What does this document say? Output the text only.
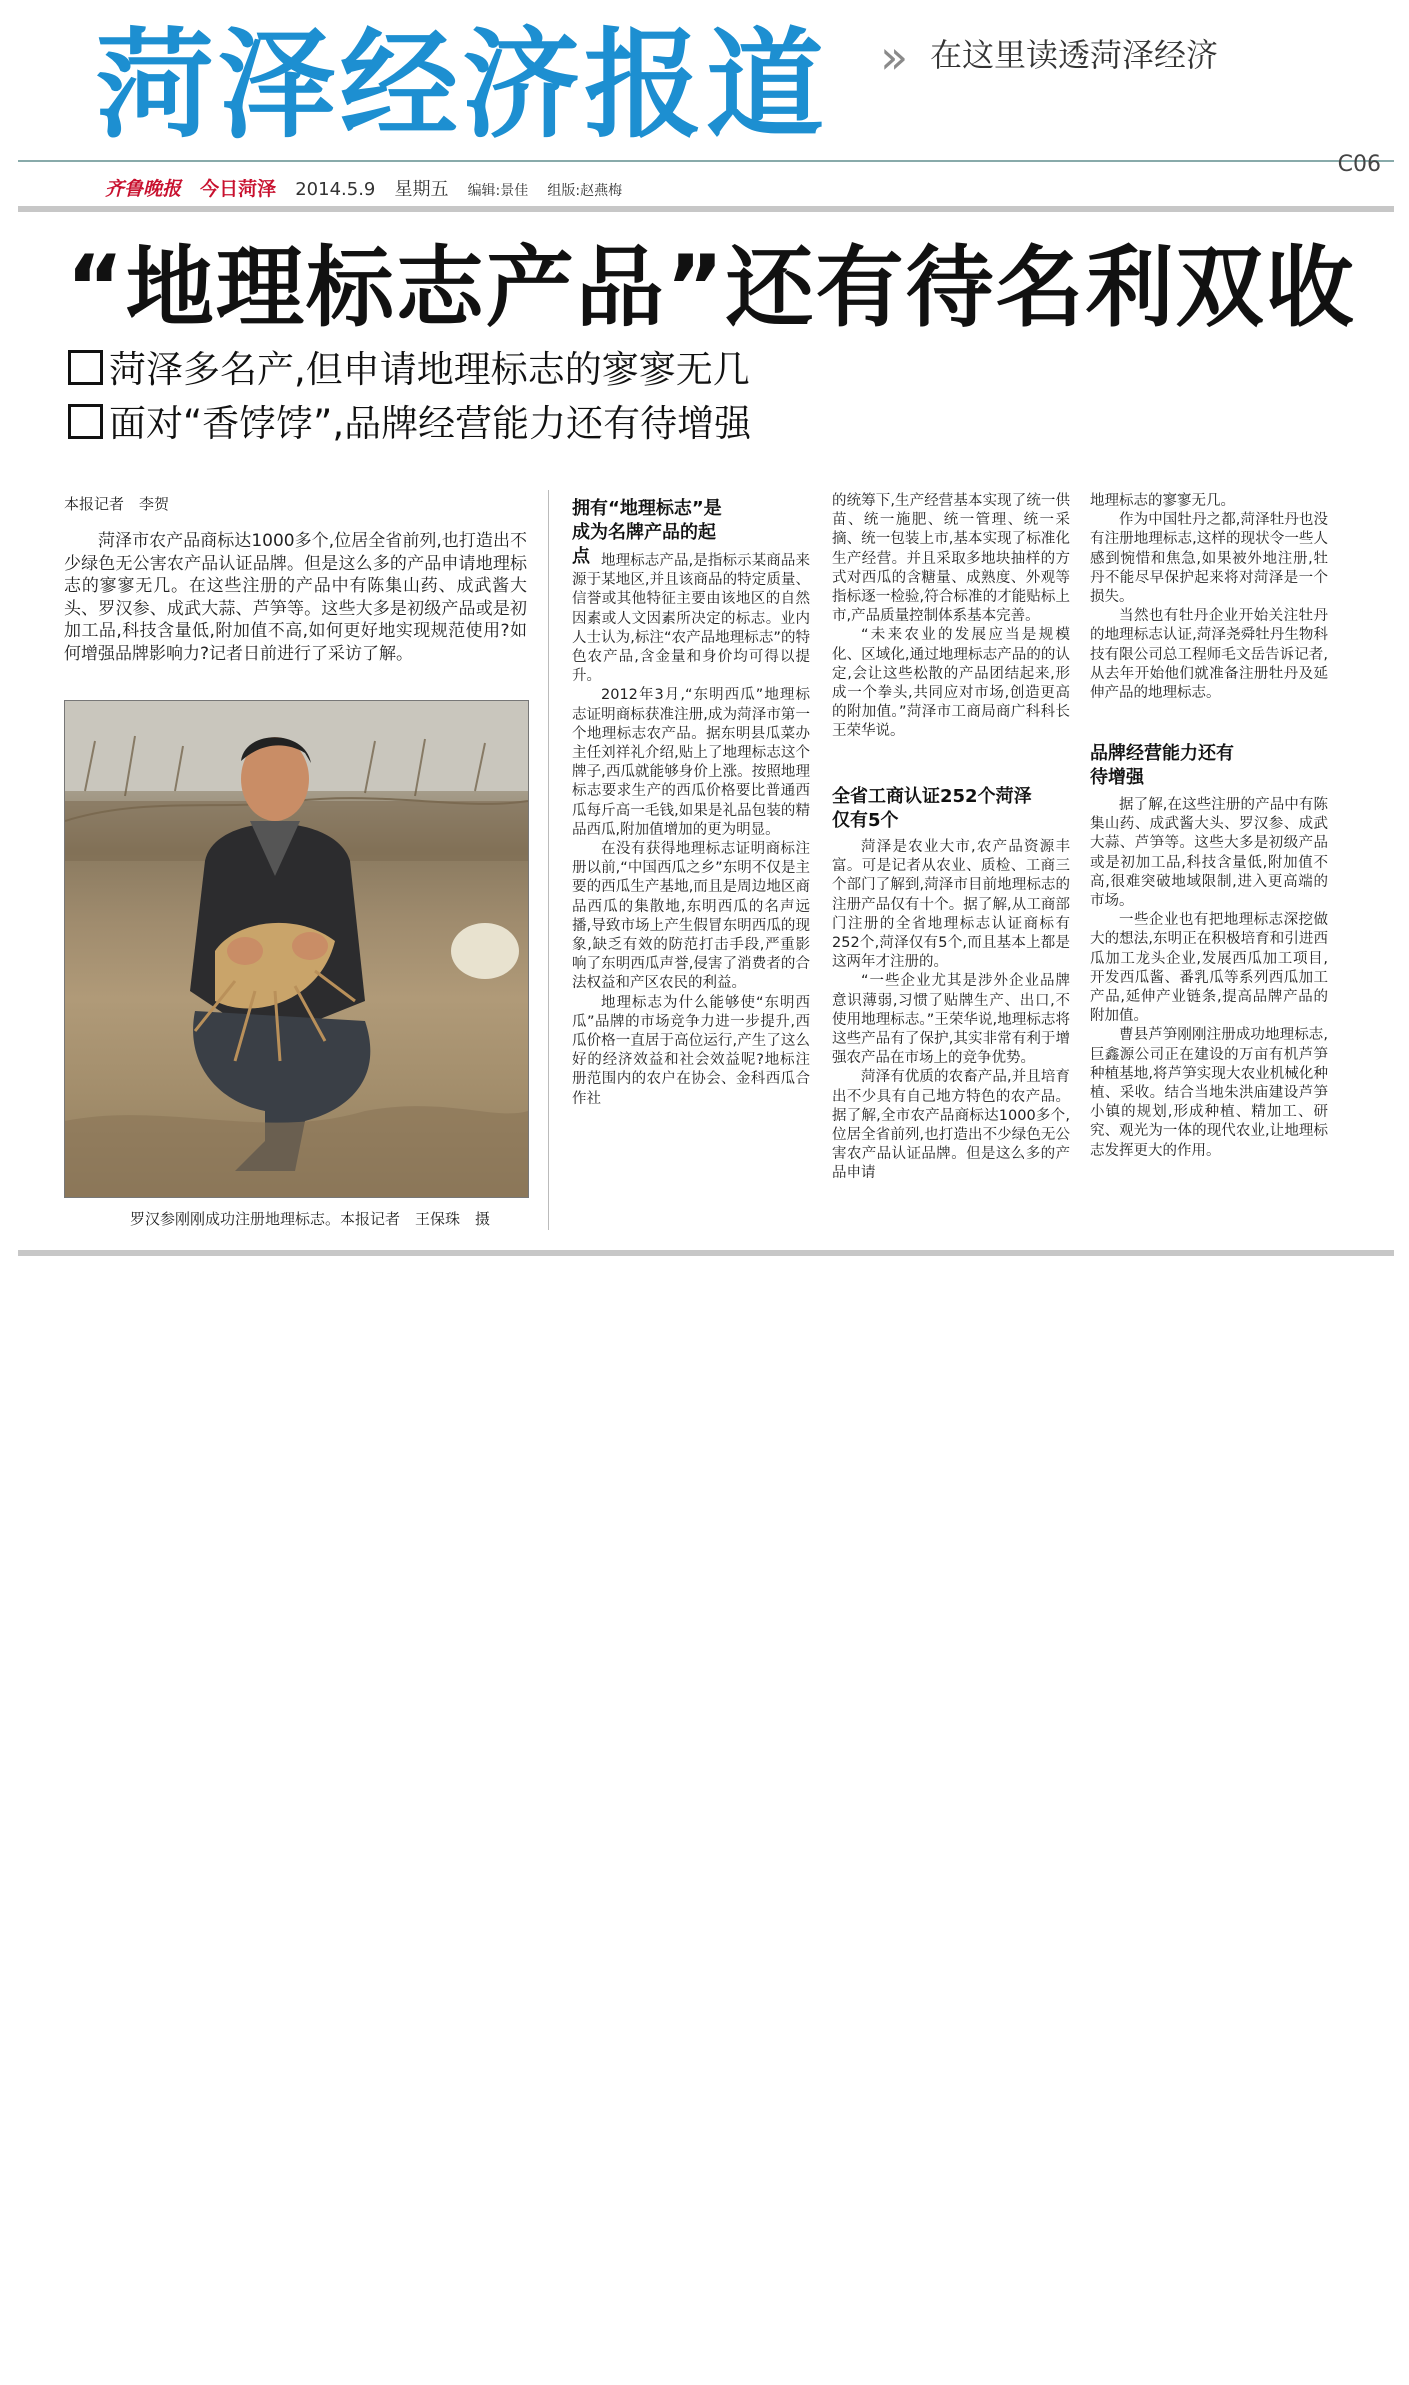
菏泽经济报道 » 在这里读透菏泽经济
齐鲁晚报 今日菏泽 2014.5.9 星期五 编辑:景佳 组版:赵燕梅
C06
“地理标志产品”还有待名利双收
菏泽多名产,但申请地理标志的寥寥无几
面对“香饽饽”,品牌经营能力还有待增强
本报记者　李贺

菏泽市农产品商标达1000多个,位居全省前列,也打造出不少绿色无公害农产品认证品牌。但是这么多的产品申请地理标志的寥寥无几。在这些注册的产品中有陈集山药、成武酱大头、罗汉参、成武大蒜、芦笋等。这些大多是初级产品或是初加工品,科技含量低,附加值不高,如何更好地实现规范使用?如何增强品牌影响力?记者日前进行了采访了解。

罗汉参刚刚成功注册地理标志。本报记者　王保珠　摄
拥有“地理标志”是成为名牌产品的起点 地理标志产品,是指标示某商品来源于某地区,并且该商品的特定质量、信誉或其他特征主要由该地区的自然因素或人文因素所决定的标志。业内人士认为,标注“农产品地理标志”的特色农产品,含金量和身价均可得以提升。

2012年3月,“东明西瓜”地理标志证明商标获准注册,成为菏泽市第一个地理标志农产品。据东明县瓜菜办主任刘祥礼介绍,贴上了地理标志这个牌子,西瓜就能够身价上涨。按照地理标志要求生产的西瓜价格要比普通西瓜每斤高一毛钱,如果是礼品包装的精品西瓜,附加值增加的更为明显。

在没有获得地理标志证明商标注册以前,“中国西瓜之乡”东明不仅是主要的西瓜生产基地,而且是周边地区商品西瓜的集散地,东明西瓜的名声远播,导致市场上产生假冒东明西瓜的现象,缺乏有效的防范打击手段,严重影响了东明西瓜声誉,侵害了消费者的合法权益和产区农民的利益。

地理标志为什么能够使“东明西瓜”品牌的市场竞争力进一步提升,西瓜价格一直居于高位运行,产生了这么好的经济效益和社会效益呢?地标注册范围内的农户在协会、金科西瓜合作社

的统筹下,生产经营基本实现了统一供苗、统一施肥、统一管理、统一采摘、统一包装上市,基本实现了标准化生产经营。并且采取多地块抽样的方式对西瓜的含糖量、成熟度、外观等指标逐一检验,符合标准的才能贴标上市,产品质量控制体系基本完善。

“未来农业的发展应当是规模化、区域化,通过地理标志产品的的认定,会让这些松散的产品团结起来,形成一个拳头,共同应对市场,创造更高的附加值。”菏泽市工商局商广科科长王荣华说。

全省工商认证252个菏泽仅有5个

菏泽是农业大市,农产品资源丰富。可是记者从农业、质检、工商三个部门了解到,菏泽市目前地理标志的注册产品仅有十个。据了解,从工商部门注册的全省地理标志认证商标有252个,菏泽仅有5个,而且基本上都是这两年才注册的。

“一些企业尤其是涉外企业品牌意识薄弱,习惯了贴牌生产、出口,不使用地理标志。”王荣华说,地理标志将这些产品有了保护,其实非常有利于增强农产品在市场上的竞争优势。

菏泽有优质的农畜产品,并且培育出不少具有自己地方特色的农产品。据了解,全市农产品商标达1000多个,位居全省前列,也打造出不少绿色无公害农产品认证品牌。但是这么多的产品申请

地理标志的寥寥无几。

作为中国牡丹之都,菏泽牡丹也没有注册地理标志,这样的现状令一些人感到惋惜和焦急,如果被外地注册,牡丹不能尽早保护起来将对菏泽是一个损失。

当然也有牡丹企业开始关注牡丹的地理标志认证,菏泽尧舜牡丹生物科技有限公司总工程师毛文岳告诉记者,从去年开始他们就准备注册牡丹及延伸产品的地理标志。

品牌经营能力还有待增强

据了解,在这些注册的产品中有陈集山药、成武酱大头、罗汉参、成武大蒜、芦笋等。这些大多是初级产品或是初加工品,科技含量低,附加值不高,很难突破地域限制,进入更高端的市场。

一些企业也有把地理标志深挖做大的想法,东明正在积极培育和引进西瓜加工龙头企业,发展西瓜加工项目,开发西瓜酱、番乳瓜等系列西瓜加工产品,延伸产业链条,提高品牌产品的附加值。

曹县芦笋刚刚注册成功地理标志,巨鑫源公司正在建设的万亩有机芦笋种植基地,将芦笋实现大农业机械化种植、采收。结合当地朱洪庙建设芦笋小镇的规划,形成种植、精加工、研究、观光为一体的现代农业,让地理标志发挥更大的作用。
